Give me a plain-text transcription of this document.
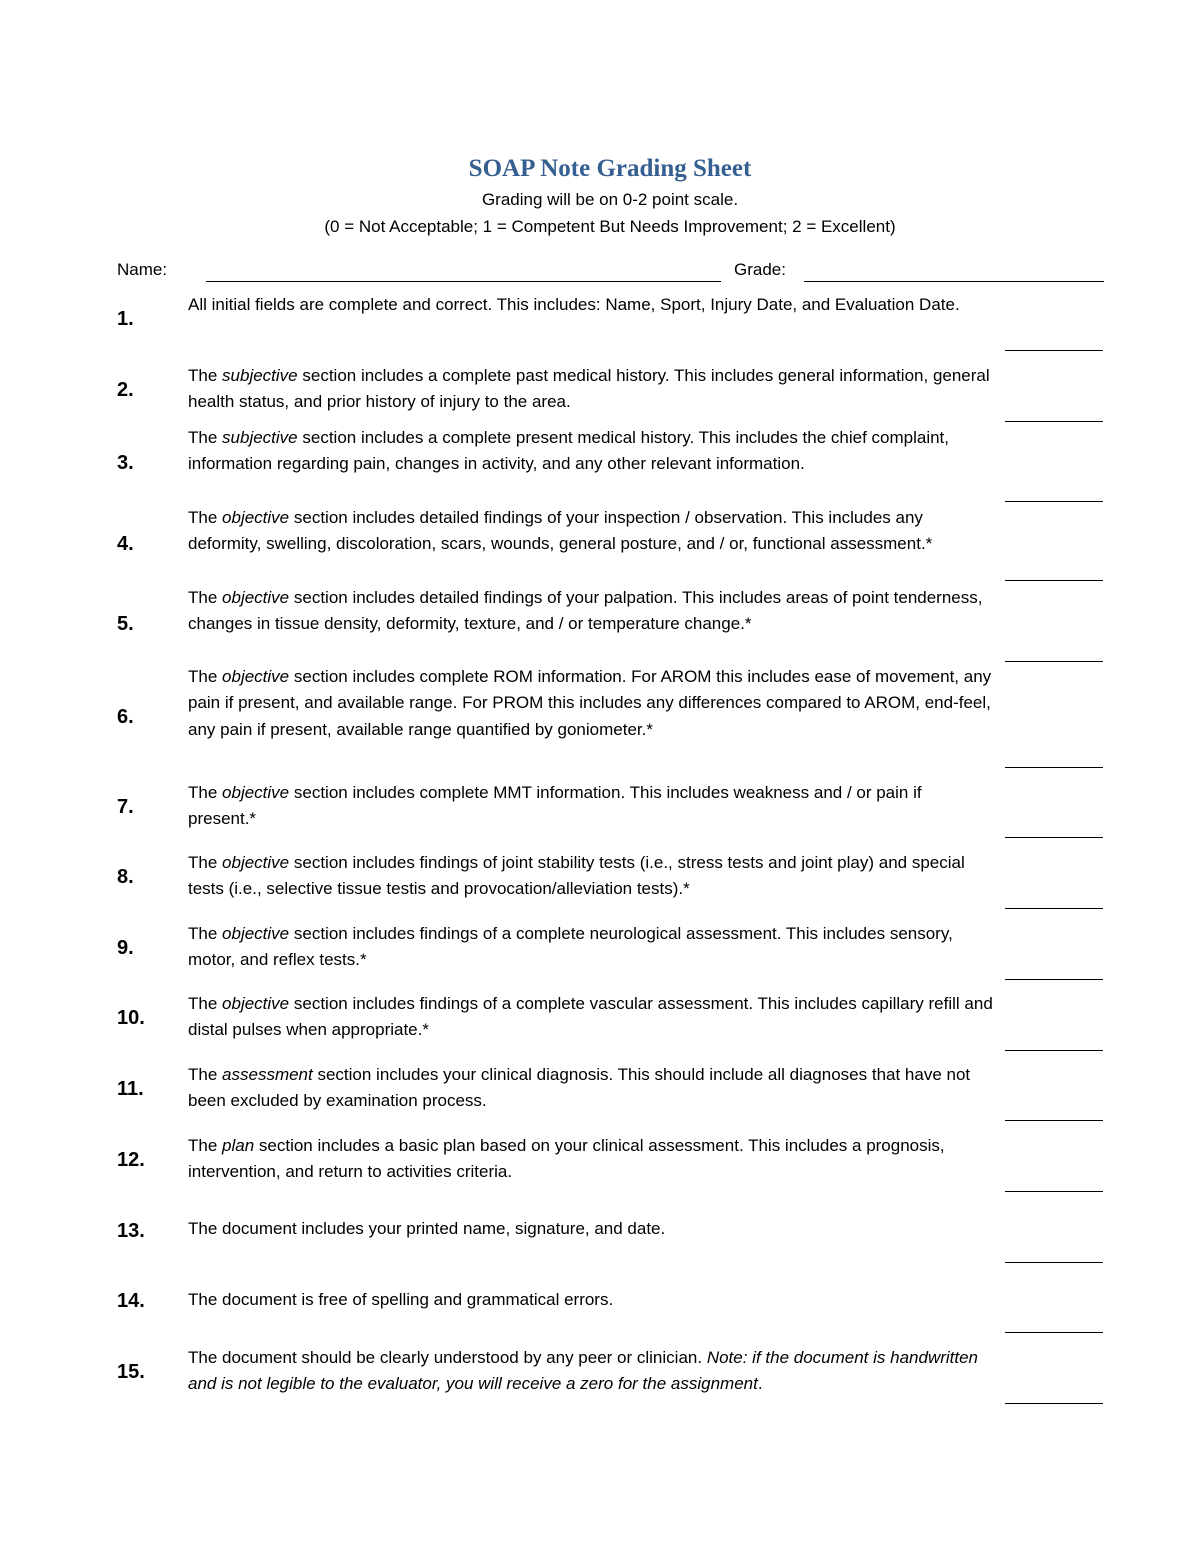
SOAP Note Grading Sheet
Grading will be on 0-2 point scale.
(0 = Not Acceptable; 1 = Competent But Needs Improvement; 2 = Excellent)
Name:	Grade:
1.
All initial fields are complete and correct. This includes: Name, Sport, Injury Date, and Evaluation Date.
2.
The subjective section includes a complete past medical history. This includes general information, general health status, and prior history of injury to the area.
3.
The subjective section includes a complete present medical history. This includes the chief complaint, information regarding pain, changes in activity, and any other relevant information.
4.
The objective section includes detailed findings of your inspection / observation. This includes any deformity, swelling, discoloration, scars, wounds, general posture, and / or, functional assessment.*
5.
The objective section includes detailed findings of your palpation. This includes areas of point tenderness, changes in tissue density, deformity, texture, and / or temperature change.*
6.
The objective section includes complete ROM information. For AROM this includes ease of movement, any pain if present, and available range. For PROM this includes any differences compared to AROM, end-feel, any pain if present, available range quantified by goniometer.*
7.
The objective section includes complete MMT information. This includes weakness and / or pain if present.*
8.
The objective section includes findings of joint stability tests (i.e., stress tests and joint play) and special tests (i.e., selective tissue testis and provocation/alleviation tests).*
9.
The objective section includes findings of a complete neurological assessment. This includes sensory, motor, and reflex tests.*
10.
The objective section includes findings of a complete vascular assessment. This includes capillary refill and distal pulses when appropriate.*
11.
The assessment section includes your clinical diagnosis. This should include all diagnoses that have not been excluded by examination process.
12.
The plan section includes a basic plan based on your clinical assessment. This includes a prognosis, intervention, and return to activities criteria.
13.	The document includes your printed name, signature, and date.
14.	The document is free of spelling and grammatical errors.
15.
The document should be clearly understood by any peer or clinician. Note: if the document is handwritten and is not legible to the evaluator, you will receive a zero for the assignment.
